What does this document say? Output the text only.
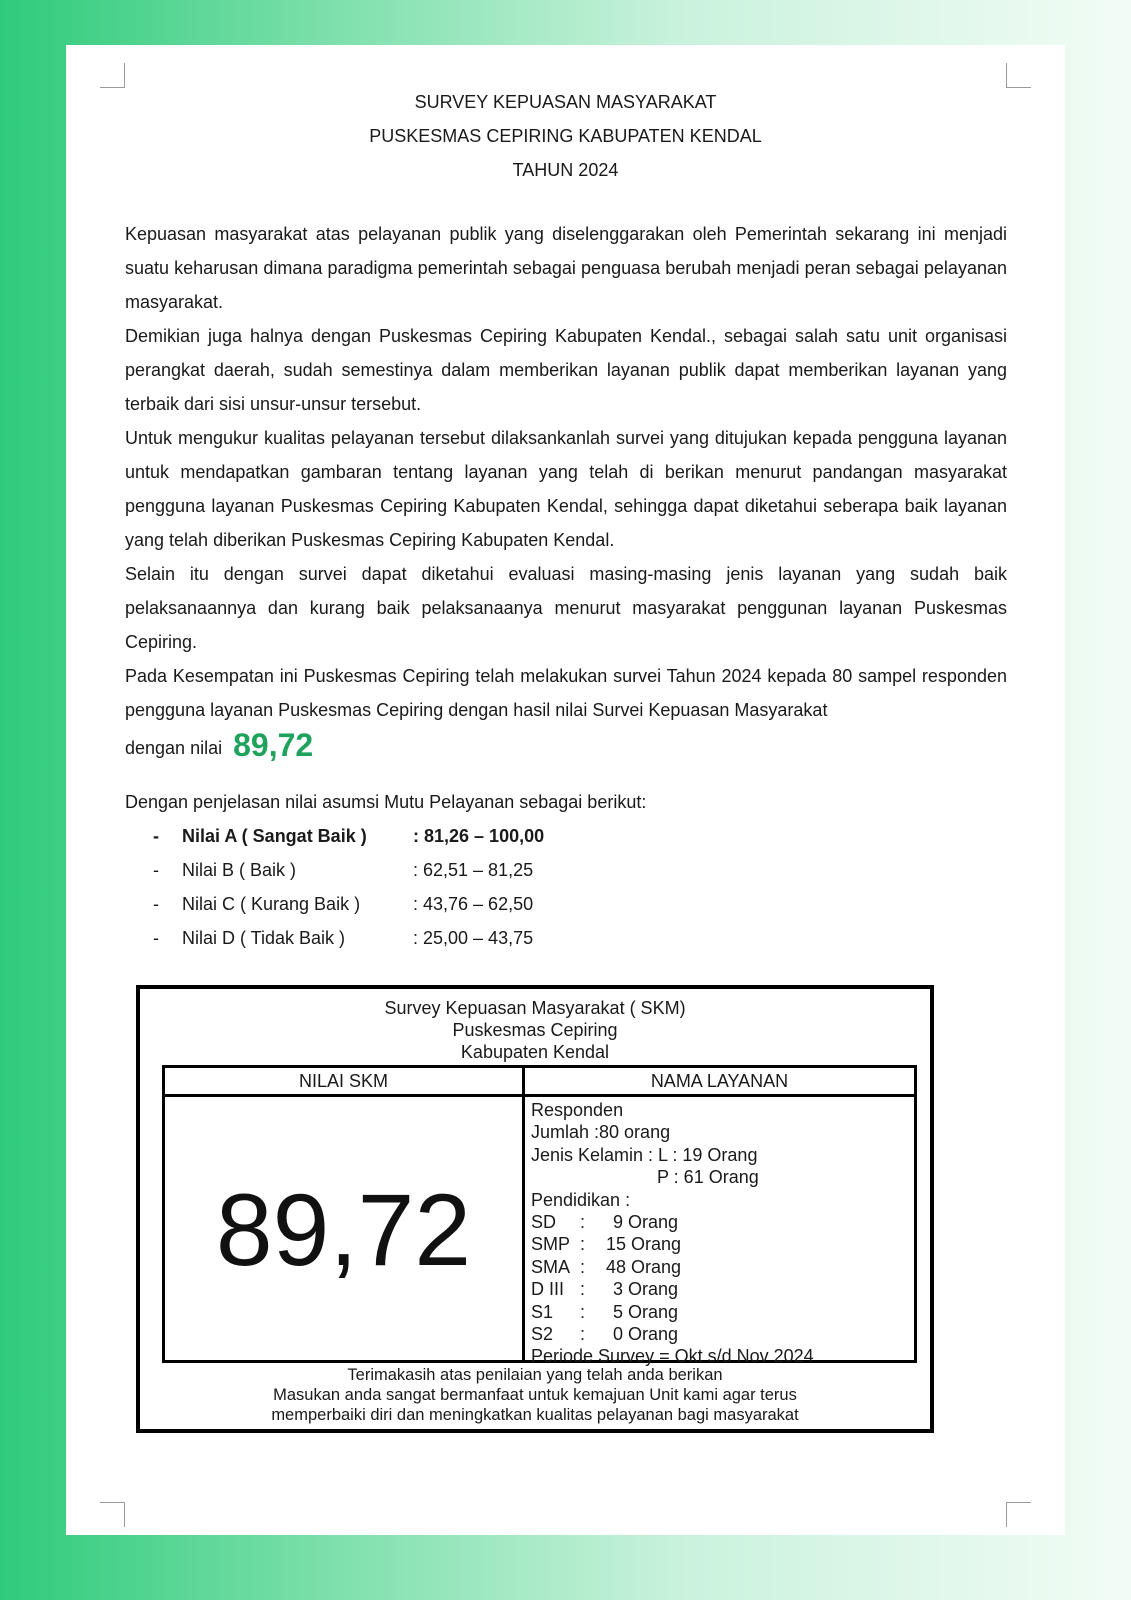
SURVEY KEPUASAN MASYARAKAT
PUSKESMAS CEPIRING KABUPATEN KENDAL
TAHUN 2024

Kepuasan masyarakat atas pelayanan publik yang diselenggarakan oleh Pemerintah sekarang ini menjadi suatu keharusan dimana paradigma pemerintah sebagai penguasa berubah menjadi peran sebagai pelayanan masyarakat.

Demikian juga halnya dengan Puskesmas Cepiring Kabupaten Kendal., sebagai salah satu unit organisasi perangkat daerah, sudah semestinya dalam memberikan layanan publik dapat memberikan layanan yang terbaik dari sisi unsur-unsur tersebut.

Untuk mengukur kualitas pelayanan tersebut dilaksankanlah survei yang ditujukan kepada pengguna layanan untuk mendapatkan gambaran tentang layanan yang telah di berikan menurut pandangan masyarakat pengguna layanan Puskesmas Cepiring Kabupaten Kendal, sehingga dapat diketahui seberapa baik layanan yang telah diberikan Puskesmas Cepiring Kabupaten Kendal.

Selain itu dengan survei dapat diketahui evaluasi masing-masing jenis layanan yang sudah baik pelaksanaannya dan kurang baik pelaksanaanya menurut masyarakat penggunan layanan Puskesmas Cepiring.

Pada Kesempatan ini Puskesmas Cepiring telah melakukan survei Tahun 2024 kepada 80 sampel responden pengguna layanan Puskesmas Cepiring dengan hasil nilai Survei Kepuasan Masyarakat

dengan nilai 89,72

Dengan penjelasan nilai asumsi Mutu Pelayanan sebagai berikut:
- Nilai A ( Sangat Baik )	: 81,26 – 100,00
- Nilai B ( Baik )	: 62,51 – 81,25
- Nilai C ( Kurang Baik )	: 43,76 – 62,50
- Nilai D ( Tidak Baik )	: 25,00 – 43,75
Survey Kepuasan Masyarakat ( SKM)
Puskesmas Cepiring
Kabupaten Kendal
NILAI SKM	NAMA LAYANAN
89,72
Responden
Jumlah :80 orang
Jenis Kelamin : L : 19 Orang
P : 61 Orang
Pendidikan :
SD : 9 Orang
SMP : 15 Orang
SMA : 48 Orang
D III : 3 Orang
S1 : 5 Orang
S2 : 0 Orang
Periode Survey = Okt s/d Nov 2024
Terimakasih atas penilaian yang telah anda berikan
Masukan anda sangat bermanfaat untuk kemajuan Unit kami agar terus
memperbaiki diri dan meningkatkan kualitas pelayanan bagi masyarakat
